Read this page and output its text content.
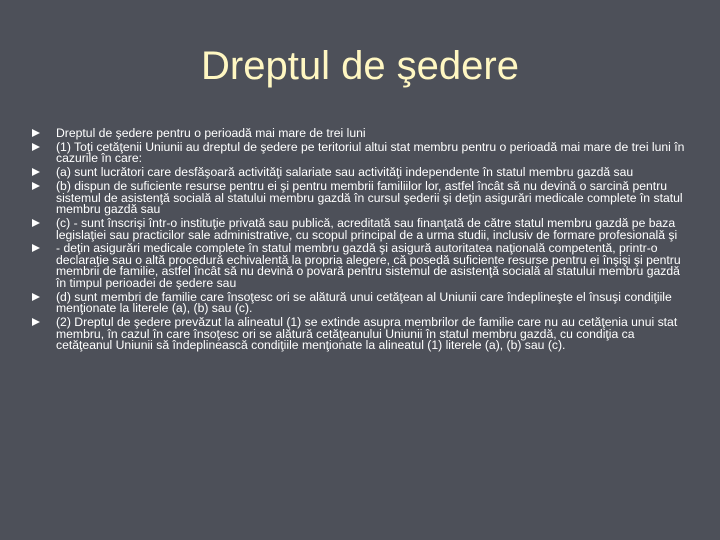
Dreptul de şedere
Dreptul de şedere pentru o perioadă mai mare de trei luni
(1) Toţi cetăţenii Uniunii au dreptul de şedere pe teritoriul altui stat membru pentru o perioadă mai mare de trei luni în cazurile în care:
(a) sunt lucrători care desfăşoară activităţi salariate sau activităţi independente în statul membru gazdă sau
(b) dispun de suficiente resurse pentru ei şi pentru membrii familiilor lor, astfel încât să nu devină o sarcină pentru sistemul de asistenţă socială al statului membru gazdă în cursul şederii şi deţin asigurări medicale complete în statul membru gazdă sau
(c) - sunt înscrişi într-o instituţie privată sau publică, acreditată sau finanţată de către statul membru gazdă pe baza legislaţiei sau practicilor sale administrative, cu scopul principal de a urma studii, inclusiv de formare profesională şi
- deţin asigurări medicale complete în statul membru gazdă şi asigură autoritatea naţională competentă, printr-o declaraţie sau o altă procedură echivalentă la propria alegere, că posedă suficiente resurse pentru ei înşişi şi pentru membrii de familie, astfel încât să nu devină o povară pentru sistemul de asistenţă socială al statului membru gazdă în timpul perioadei de şedere sau
(d) sunt membri de familie care însoţesc ori se alătură unui cetăţean al Uniunii care îndeplineşte el însuşi condiţiile menţionate la literele (a), (b) sau (c).
(2) Dreptul de şedere prevăzut la alineatul (1) se extinde asupra membrilor de familie care nu au cetăţenia unui stat membru, în cazul în care însoţesc ori se alătură cetăţeanului Uniunii în statul membru gazdă, cu condiţia ca cetăţeanul Uniunii să îndeplinească condiţiile menţionate la alineatul (1) literele (a), (b) sau (c).
